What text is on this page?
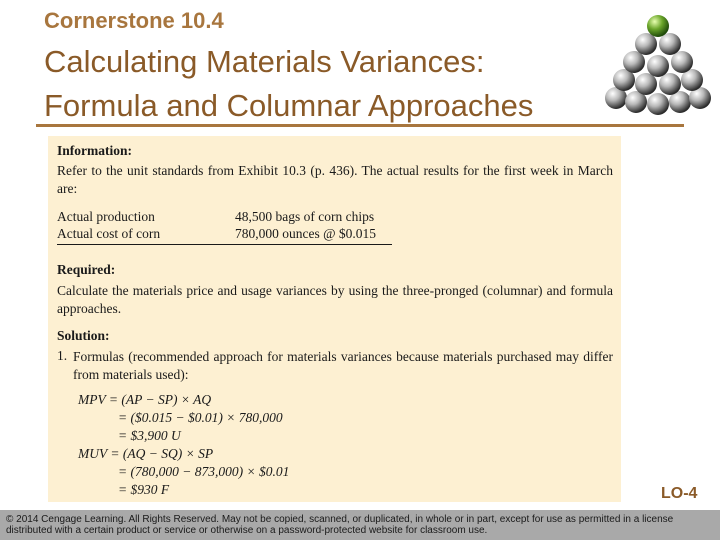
Cornerstone 10.4
Calculating Materials Variances:
Formula and Columnar Approaches
Information:
Refer to the unit standards from Exhibit 10.3 (p. 436). The actual results for the first week in March are:
Actual production	48,500 bags of corn chips
Actual cost of corn	780,000 ounces @ $0.015
Required:
Calculate the materials price and usage variances by using the three-pronged (columnar) and formula approaches.
Solution:
1. Formulas (recommended approach for materials variances because materials purchased may differ from materials used):
MPV = (AP − SP) × AQ
= ($0.015 − $0.01) × 780,000
= $3,900 U
MUV = (AQ − SQ) × SP
= (780,000 − 873,000) × $0.01
= $930 F	LO-4
© 2014 Cengage Learning. All Rights Reserved. May not be copied, scanned, or duplicated, in whole or in part, except for use as permitted in a license distributed with a certain product or service or otherwise on a password-protected website for classroom use.
